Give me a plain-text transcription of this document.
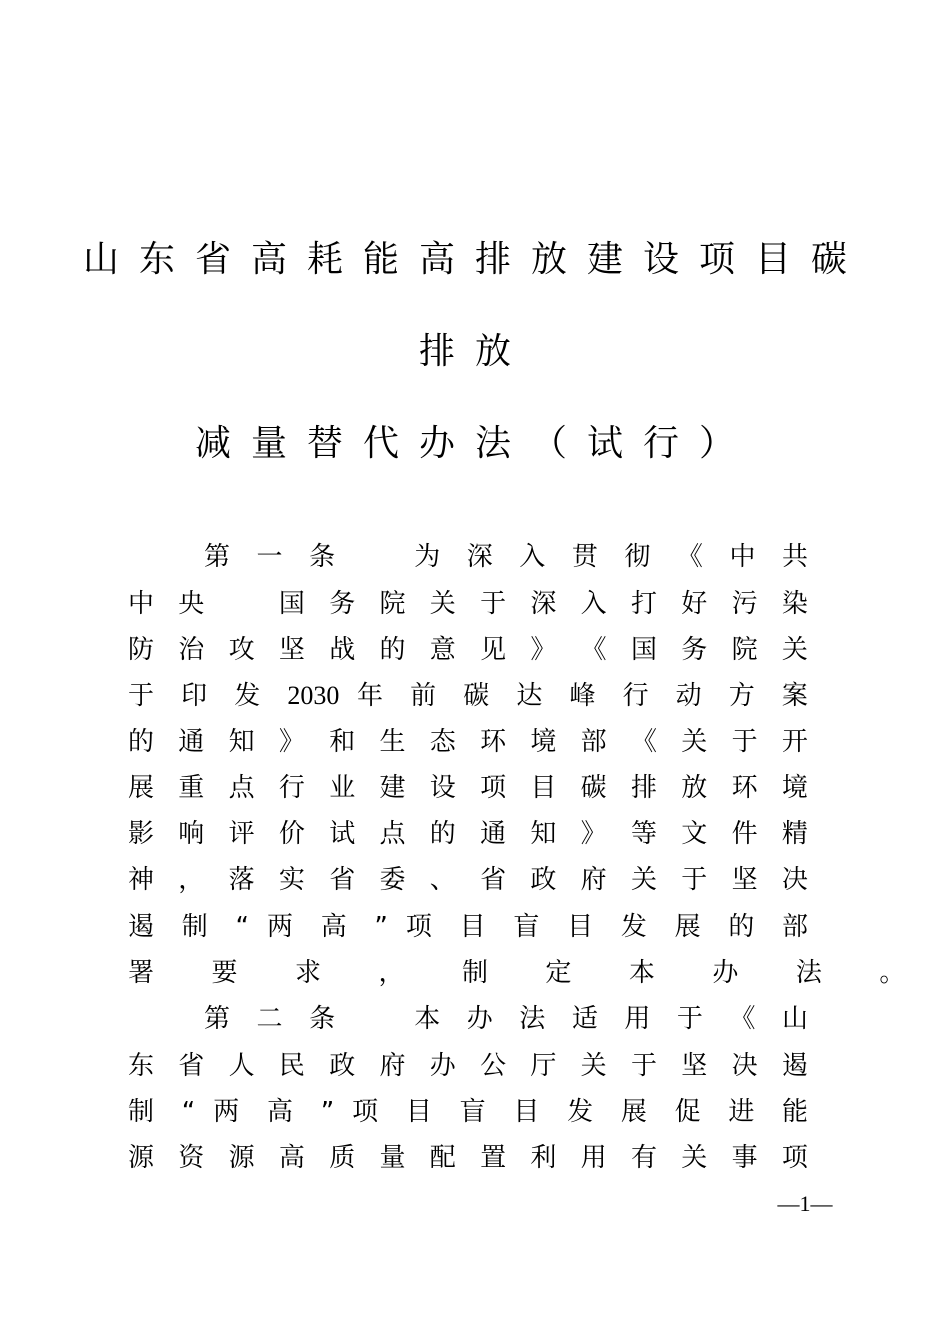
山东省高耗能高排放建设项目碳
排放
减量替代办法（试行）
第 一 条 　	为 深 入 贯 彻 《 中 共
中 央 　	国 务 院 关 于 深 入 打 好 污 染
防 治 攻 坚 战 的 意 见 》 《 国 务 院 关
于 印 发 2030 年 前 碳 达 峰 行 动 方 案
的 通 知 》 和 生 态 环 境 部 《 关 于 开
展 重 点 行 业 建 设 项 目 碳 排 放 环 境
影 响 评 价 试 点 的 通 知 》 等 文 件 精
神 ， 落 实 省 委 、 省 政 府 关 于 坚 决
遏 制 “ 两 高 ” 项 目 盲 目 发 展 的 部
署 要 求 ， 制 定 本 办 法 。
第 二 条 　	本 办 法 适 用 于 《 山
东 省 人 民 政 府 办 公 厅 关 于 坚 决 遏
制 “ 两 高 ” 项 目 盲 目 发 展 促 进 能
源 资 源 高 质 量 配 置 利 用 有 关 事 项
—1—
